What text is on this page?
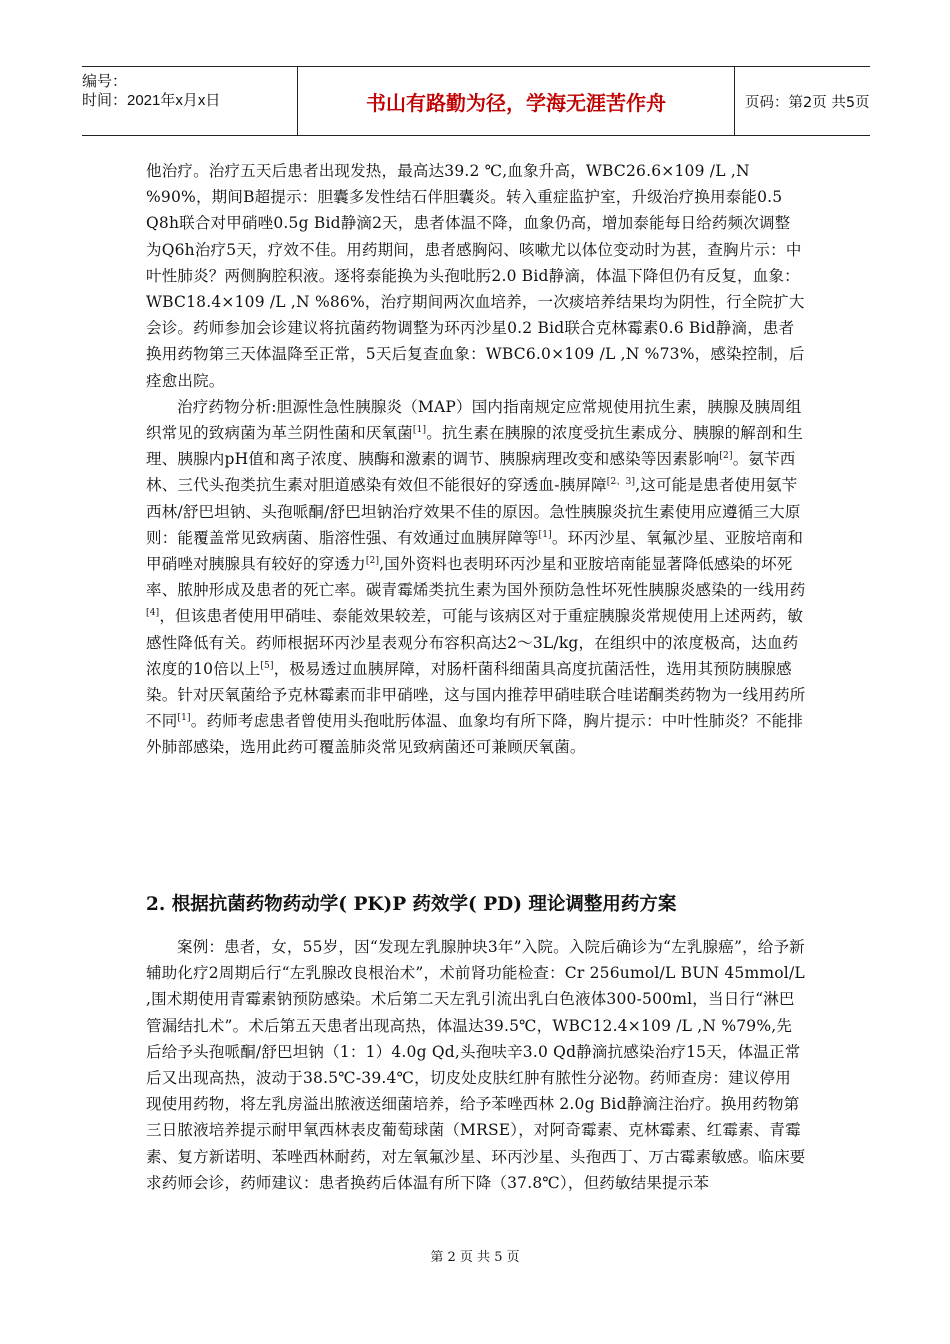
编号：
时间：2021年x月x日	书山有路勤为径，学海无涯苦作舟	页码：第2页 共5页

他治疗。治疗五天后患者出现发热，最高达39.2 ℃,血象升高，WBC26.6×109 /L ,N %90%，期间B超提示：胆囊多发性结石伴胆囊炎。转入重症监护室，升级治疗换用泰能0.5 Q8h联合对甲硝唑0.5g Bid静滴2天，患者体温不降，血象仍高，增加泰能每日给药频次调整为Q6h治疗5天，疗效不佳。用药期间，患者感胸闷、咳嗽尤以体位变动时为甚，查胸片示：中叶性肺炎？两侧胸腔积液。逐将泰能换为头孢吡肟2.0 Bid静滴，体温下降但仍有反复，血象：WBC18.4×109 /L ,N %86%，治疗期间两次血培养，一次痰培养结果均为阴性，行全院扩大会诊。药师参加会诊建议将抗菌药物调整为环丙沙星0.2 Bid联合克林霉素0.6 Bid静滴，患者换用药物第三天体温降至正常，5天后复查血象：WBC6.0×109 /L ,N %73%，感染控制，后痊愈出院。

治疗药物分析:胆源性急性胰腺炎（MAP）国内指南规定应常规使用抗生素，胰腺及胰周组织常见的致病菌为革兰阴性菌和厌氧菌[1]。抗生素在胰腺的浓度受抗生素成分、胰腺的解剖和生理、胰腺内pH值和离子浓度、胰酶和激素的调节、胰腺病理改变和感染等因素影响[2]。氨苄西林、三代头孢类抗生素对胆道感染有效但不能很好的穿透血-胰屏障[2、3],这可能是患者使用氨苄西林/舒巴坦钠、头孢哌酮/舒巴坦钠治疗效果不佳的原因。急性胰腺炎抗生素使用应遵循三大原则：能覆盖常见致病菌、脂溶性强、有效通过血胰屏障等[1]。环丙沙星、氧氟沙星、亚胺培南和甲硝唑对胰腺具有较好的穿透力[2],国外资料也表明环丙沙星和亚胺培南能显著降低感染的坏死率、脓肿形成及患者的死亡率。碳青霉烯类抗生素为国外预防急性坏死性胰腺炎感染的一线用药[4]，但该患者使用甲硝哇、泰能效果较差，可能与该病区对于重症胰腺炎常规使用上述两药，敏感性降低有关。药师根据环丙沙星表观分布容积高达2～3L/kg，在组织中的浓度极高，达血药浓度的10倍以上[5]，极易透过血胰屏障，对肠杆菌科细菌具高度抗菌活性，选用其预防胰腺感染。针对厌氧菌给予克林霉素而非甲硝唑，这与国内推荐甲硝哇联合哇诺酮类药物为一线用药所不同[1]。药师考虑患者曾使用头孢吡肟体温、血象均有所下降，胸片提示：中叶性肺炎？不能排外肺部感染，选用此药可覆盖肺炎常见致病菌还可兼顾厌氧菌。

2. 根据抗菌药物药动学( PK)P 药效学( PD) 理论调整用药方案

案例：患者，女，55岁，因“发现左乳腺肿块3年”入院。入院后确诊为“左乳腺癌”，给予新辅助化疗2周期后行“左乳腺改良根治术”，术前肾功能检查：Cr 256umol/L BUN 45mmol/L ,围术期使用青霉素钠预防感染。术后第二天左乳引流出乳白色液体300-500ml，当日行“淋巴管漏结扎术”。术后第五天患者出现高热，体温达39.5℃，WBC12.4×109 /L ,N %79%,先后给予头孢哌酮/舒巴坦钠（1：1）4.0g Qd,头孢呋辛3.0 Qd静滴抗感染治疗15天，体温正常后又出现高热，波动于38.5℃-39.4℃，切皮处皮肤红肿有脓性分泌物。药师查房：建议停用现使用药物，将左乳房溢出脓液送细菌培养，给予苯唑西林 2.0g Bid静滴注治疗。换用药物第三日脓液培养提示耐甲氧西林表皮葡萄球菌（MRSE），对阿奇霉素、克林霉素、红霉素、青霉素、复方新诺明、苯唑西林耐药，对左氧氟沙星、环丙沙星、头孢西丁、万古霉素敏感。临床要求药师会诊，药师建议：患者换药后体温有所下降（37.8℃），但药敏结果提示苯

第 2 页 共 5 页
